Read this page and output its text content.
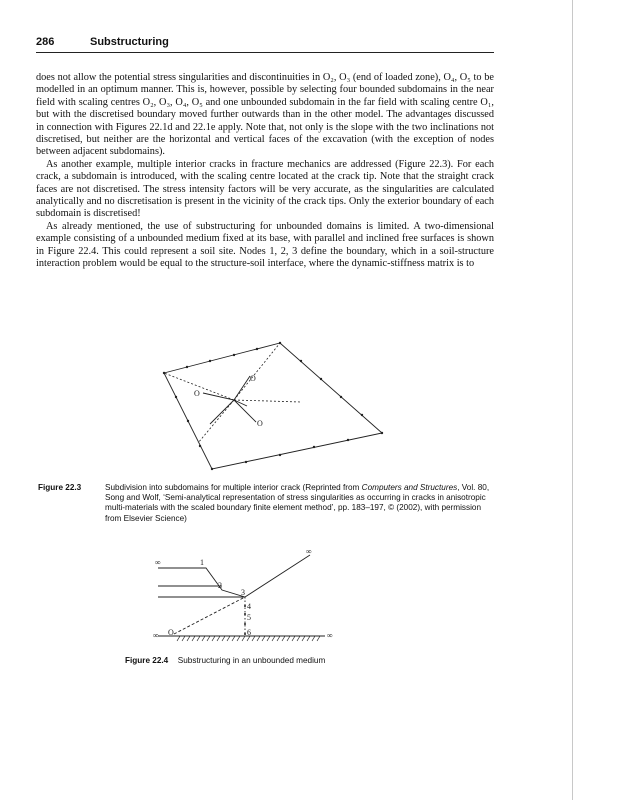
286	Substructuring

does not allow the potential stress singularities and discontinuities in O₂, O₃ (end of loaded zone), O₄, O₅ to be modelled in an optimum manner. This is, however, possible by selecting four bounded subdomains in the near field with scaling centres O₂, O₃, O₄, O₅ and one unbounded subdomain in the far field with scaling centre O₁, but with the discretised boundary moved further outwards than in the other model. The advantages discussed in connection with Figures 22.1d and 22.1e apply. Note that, not only is the slope with the two inclinations not discretised, but neither are the horizontal and vertical faces of the excavation (with the exception of nodes between adjacent subdomains).

As another example, multiple interior cracks in fracture mechanics are addressed (Figure 22.3). For each crack, a subdomain is introduced, with the scaling centre located at the crack tip. Note that the straight crack faces are not discretised. The stress intensity factors will be very accurate, as the singularities are calculated analytically and no discretisation is present in the vicinity of the crack tips. Only the exterior boundary of each subdomain is discretised!

As already mentioned, the use of substructuring for unbounded domains is limited. A two-dimensional example consisting of a unbounded medium fixed at its base, with parallel and inclined free surfaces is shown in Figure 22.4. This could represent a soil site. Nodes 1, 2, 3 define the boundary, which in a soil-structure interaction problem would be equal to the structure-soil interface, where the dynamic-stiffness matrix is to

O
O
O
Figure 22.3	Subdivision into subdomains for multiple interior crack (Reprinted from Computers and Structures, Vol. 80, Song and Wolf, ‘Semi-analytical representation of stress singularities as occurring in cracks in anisotropic multi-materials with the scaled boundary finite element method’, pp. 183–197, © (2002), with permission from Elsevier Science)
∞
∞
∞	∞
O
1
2
3
4
5
6
Figure 22.4 Substructuring in an unbounded medium
